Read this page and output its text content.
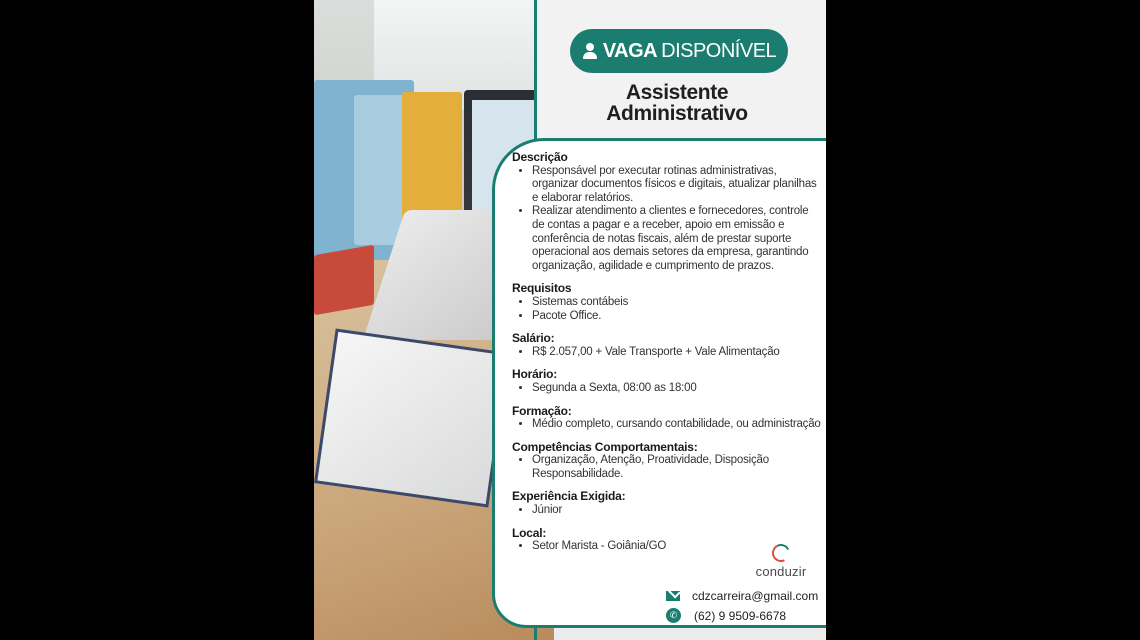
VAGA DISPONÍVEL
Assistente Administrativo
Descrição
• Responsável por executar rotinas administrativas, organizar documentos físicos e digitais, atualizar planilhas e elaborar relatórios.
• Realizar atendimento a clientes e fornecedores, controle de contas a pagar e a receber, apoio em emissão e conferência de notas fiscais, além de prestar suporte operacional aos demais setores da empresa, garantindo organização, agilidade e cumprimento de prazos.
Requisitos
• Sistemas contábeis
• Pacote Office.
Salário:
• R$ 2.057,00 + Vale Transporte + Vale Alimentação
Horário:
• Segunda a Sexta, 08:00 as 18:00
Formação:
• Médio completo, cursando contabilidade, ou administração
Competências Comportamentais:
• Organização, Atenção, Proatividade, Disposição Responsabilidade.
Experiência Exigida:
• Júnior
Local:
• Setor Marista - Goiânia/GO
conduzir
cdzcarreira@gmail.com
✆	(62) 9 9509-6678
